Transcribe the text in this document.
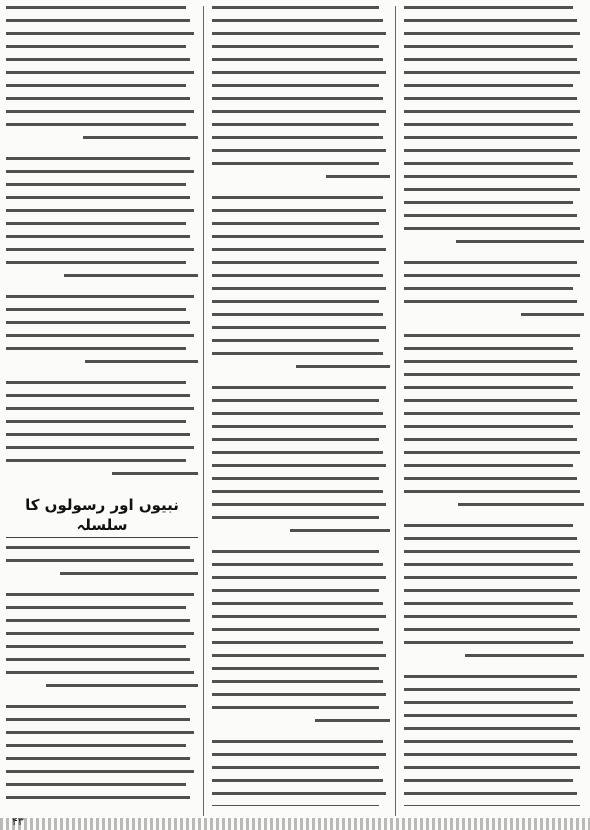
نبیوں اور رسولوں کا سلسلہ
۴۳
